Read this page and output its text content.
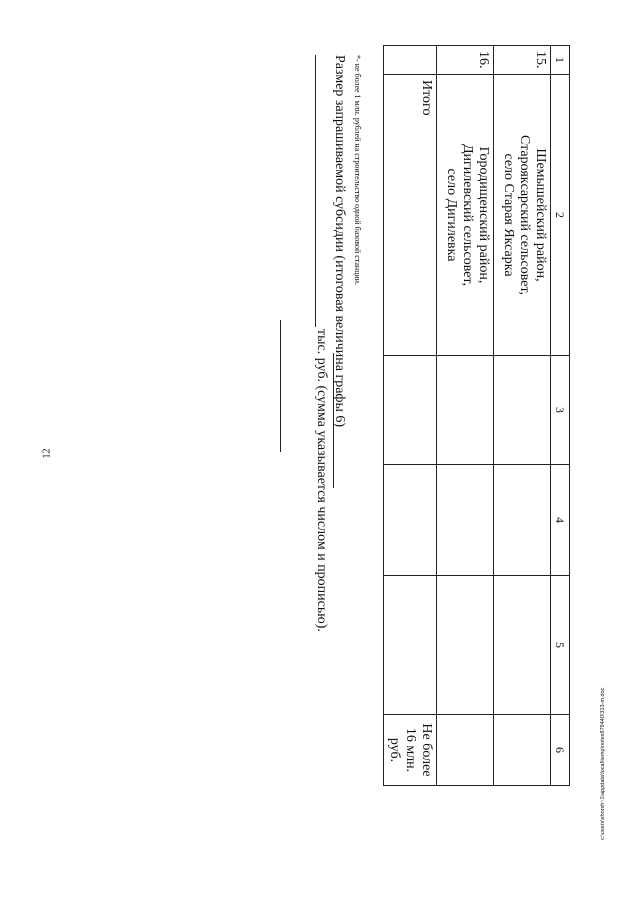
12
1	2	3	4	5	6
15.	Шемышейский район,
Староякcарский сельсовет,
село Старая Яксарка				

16.	Городищенский район,
Дигилевский сельсовет,
село Дигилевка				

	Итого				Не более
16 млн. руб.
*- не более 1 млн. рублей на строительство одной базовой станции.
Размер запрашиваемой субсидии (итоговая величина графы 6)
тыс. руб. (сумма указывается числом и прописью).
c:\users\shorsh~1\appdata\local\temp\notes879440\313-m.doc
